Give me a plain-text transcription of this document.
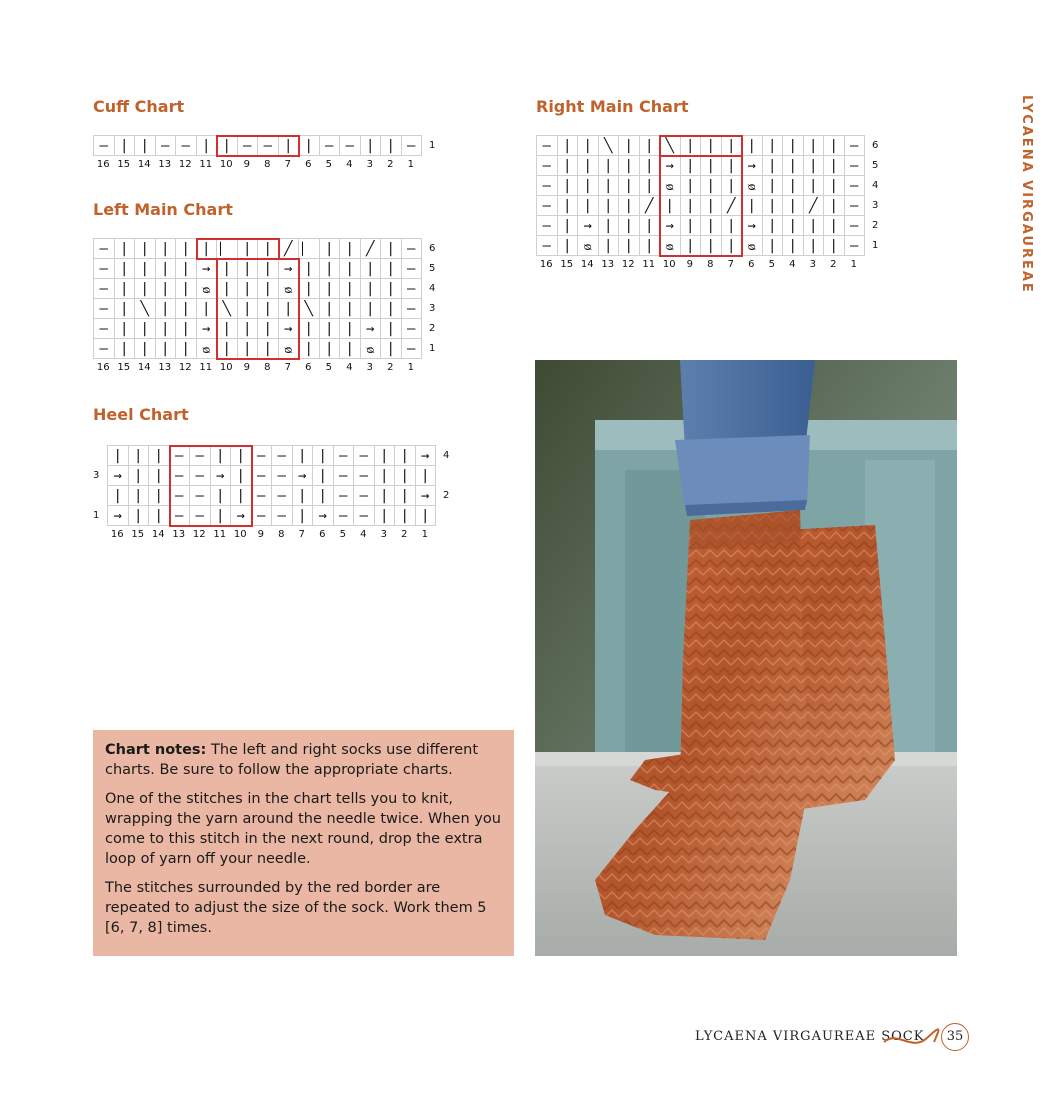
LYCAENA VIRGAUREAE
Cuff Chart
—	|	|	—	—	|	|	—	—	|	|	—	—	|	|	— 1
16 15 14 13 12 11 10	9	8	7	6	5	4	3	2	1
Left Main Chart
—	|	|	|	|	|	⎸	|	|	╱	⎸	|	|	╱	|	—
—	|	|	|	|	→	|	|	|	→	|	|	|	|	|	—
—	|	|	|	|	ᴓ	|	|	|	ᴓ	|	|	|	|	|	—
—	|	╲	|	|	|	╲	|	|	|	╲	|	|	|	|	—
—	|	|	|	|	→	|	|	|	→	|	|	|	→	|	—
—	|	|	|	|	ᴓ	|	|	|	ᴓ	|	|	|	ᴓ	|	—
6
5
4
3
2
1
16 15 14 13 12 11 10	9	8	7	6	5	4	3	2	1
Heel Chart
|	|	|	—	—	|	|	—	—	|	|	—	—	|	|	→
→	|	|	—	—	→	|	—	—	→	|	—	—	|	|	|
|	|	|	—	—	|	|	—	—	|	|	—	—	|	|	→
→	|	|	—	—	|	→	—	—	|	→	—	—	|	|	|
4
3
2
1
16 15 14 13 12 11 10	9	8	7	6	5	4	3	2	1
Right Main Chart
—	|	|	╲	|	|	╲	|	|	|	|	|	|	|	|	—
—	|	|	|	|	|	→	|	|	|	→	|	|	|	|	—
—	|	|	|	|	|	ᴓ	|	|	|	ᴓ	|	|	|	|	—
—	|	|	|	|	╱	|	|	|	╱	|	|	|	╱	|	—
—	|	→	|	|	|	→	|	|	|	→	|	|	|	|	—
—	|	ᴓ	|	|	|	ᴓ	|	|	|	ᴓ	|	|	|	|	—
6
5
4
3
2
1
16 15 14 13 12 11 10	9	8	7	6	5	4	3	2	1

Chart notes: The left and right socks use different charts. Be sure to follow the appropriate charts.

One of the stitches in the chart tells you to knit, wrapping the yarn around the needle twice. When you come to this stitch in the next round, drop the extra loop of yarn off your needle.

The stitches surrounded by the red border are repeated to adjust the size of the sock. Work them 5 [6, 7, 8] times.

LYCAENA VIRGAUREAE SOCK	35
